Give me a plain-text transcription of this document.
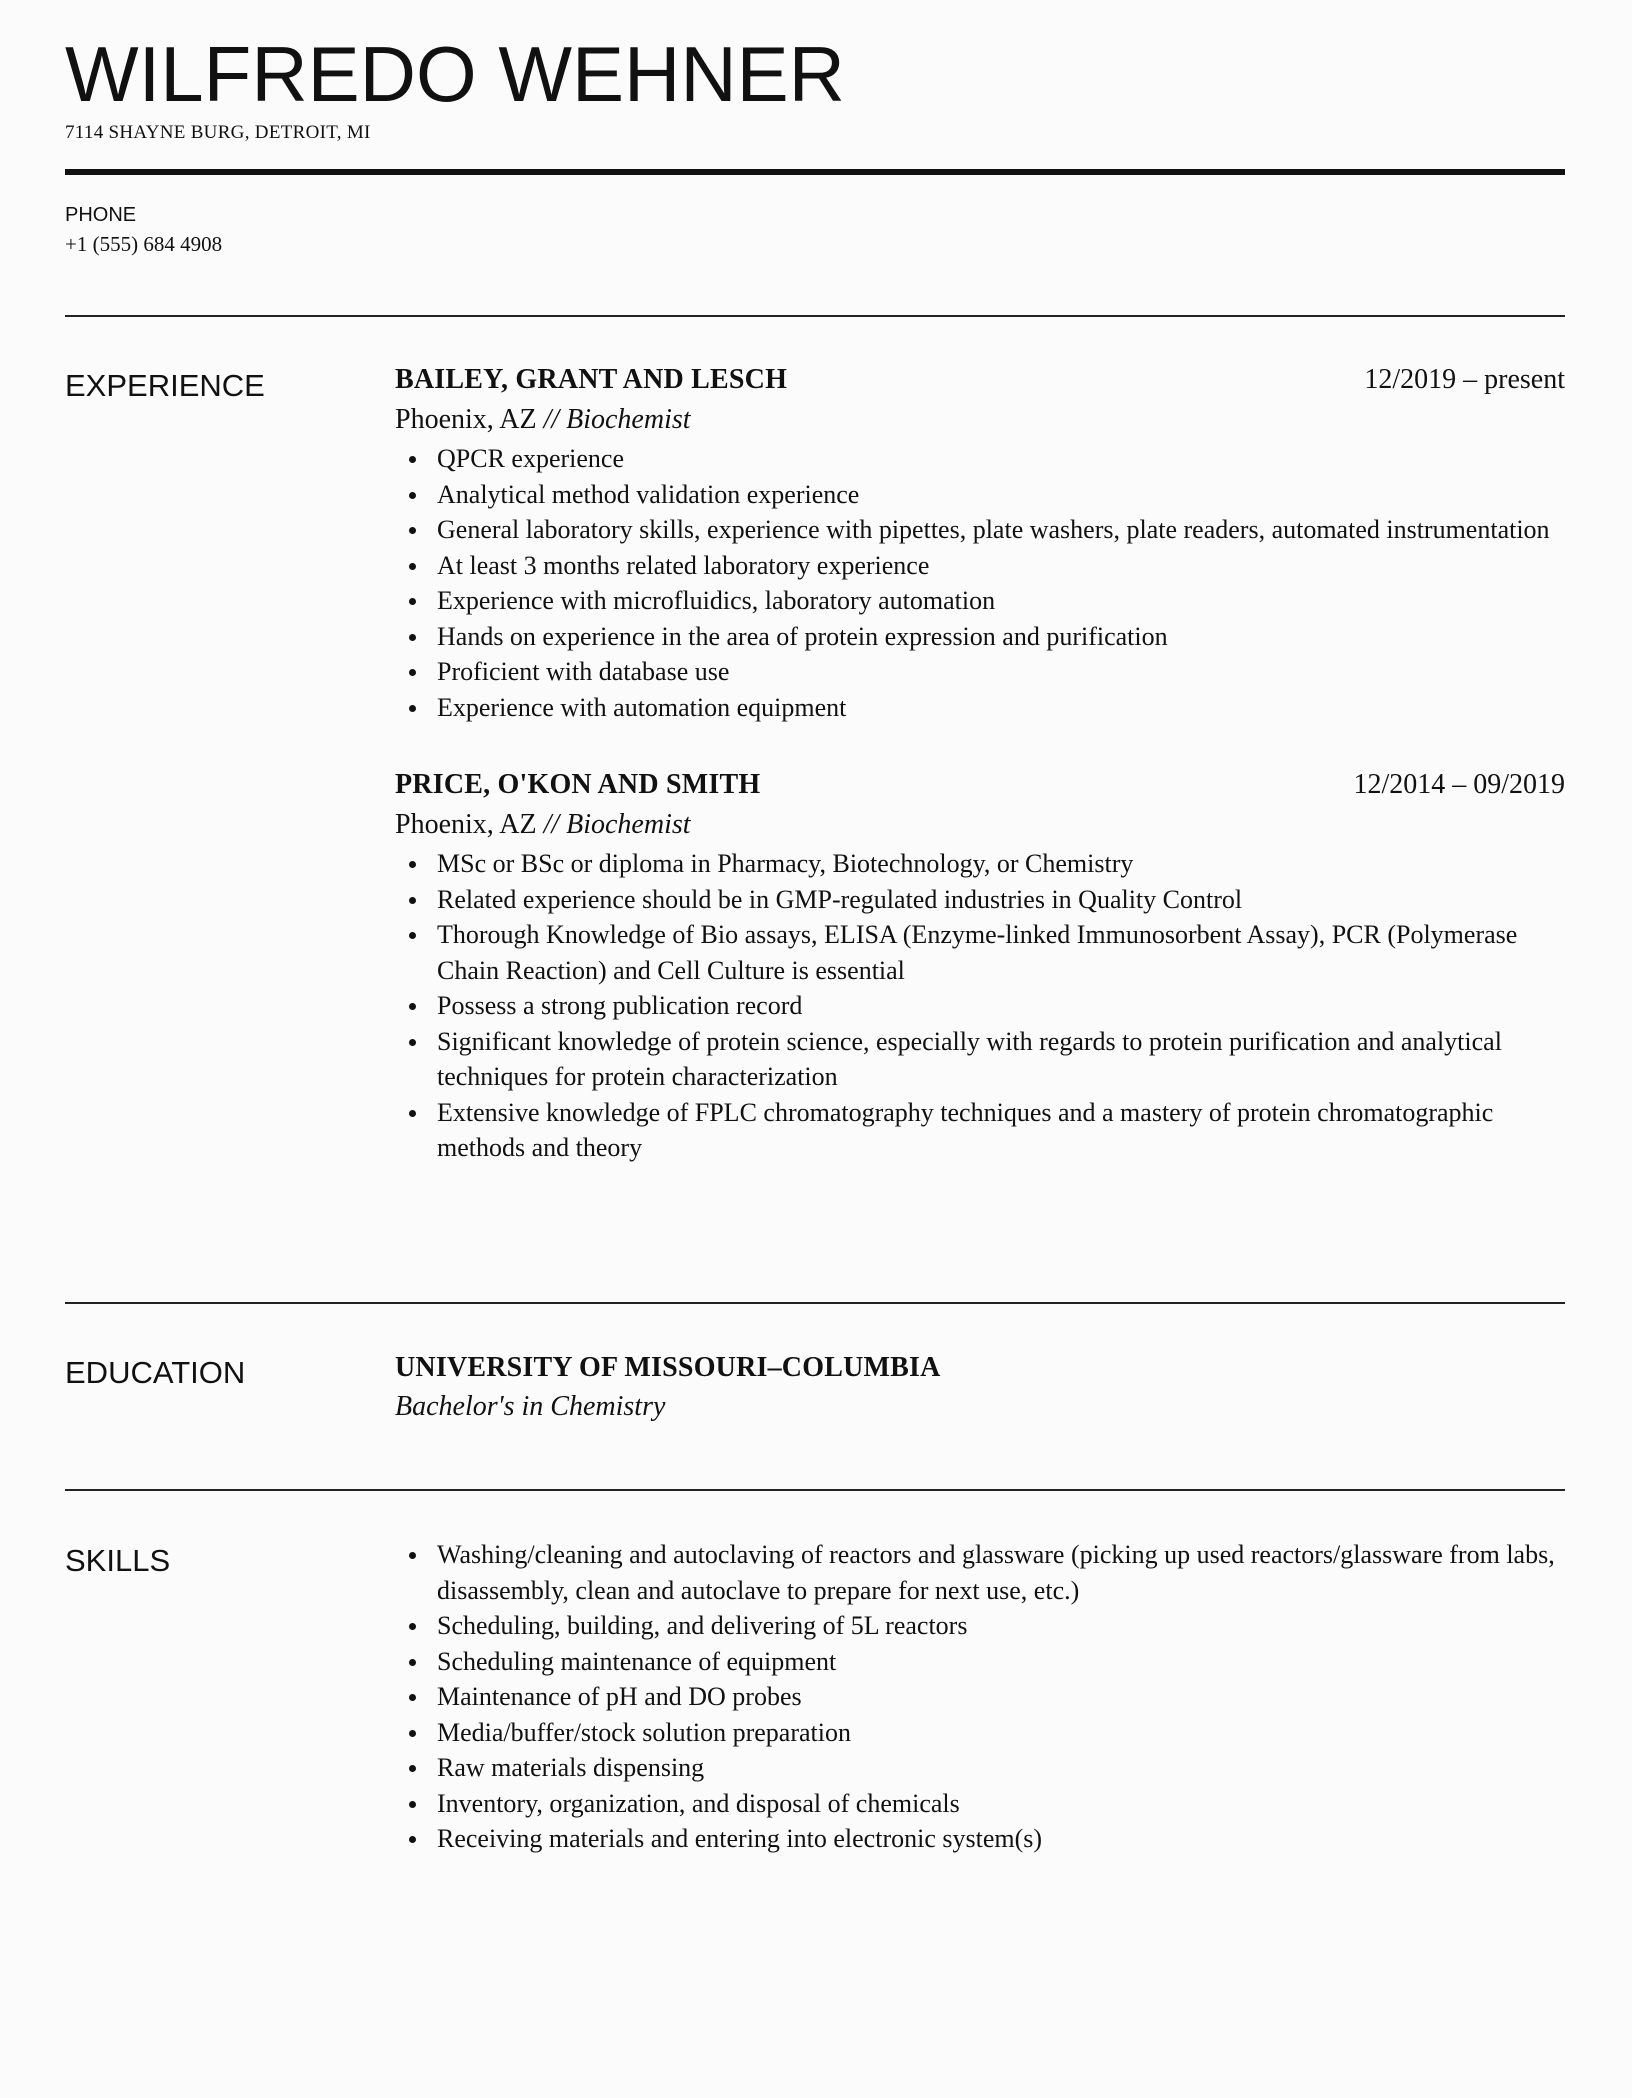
WILFREDO WEHNER
7114 SHAYNE BURG, DETROIT, MI
PHONE
+1 (555) 684 4908
EXPERIENCE	BAILEY, GRANT AND LESCH	12/2019 – present
Phoenix, AZ // Biochemist
QPCR experience
Analytical method validation experience
General laboratory skills, experience with pipettes, plate washers, plate readers, automated instrumentation
At least 3 months related laboratory experience
Experience with microfluidics, laboratory automation
Hands on experience in the area of protein expression and purification
Proficient with database use
Experience with automation equipment
PRICE, O'KON AND SMITH	12/2014 – 09/2019
Phoenix, AZ // Biochemist
MSc or BSc or diploma in Pharmacy, Biotechnology, or Chemistry
Related experience should be in GMP-regulated industries in Quality Control
Thorough Knowledge of Bio assays, ELISA (Enzyme-linked Immunosorbent Assay), PCR (Polymerase Chain Reaction) and Cell Culture is essential
Possess a strong publication record
Significant knowledge of protein science, especially with regards to protein purification and analytical techniques for protein characterization
Extensive knowledge of FPLC chromatography techniques and a mastery of protein chromatographic methods and theory
EDUCATION	UNIVERSITY OF MISSOURI–COLUMBIA
Bachelor's in Chemistry
SKILLS	Washing/cleaning and autoclaving of reactors and glassware (picking up used reactors/glassware from labs, disassembly, clean and autoclave to prepare for next use, etc.)
Scheduling, building, and delivering of 5L reactors
Scheduling maintenance of equipment
Maintenance of pH and DO probes
Media/buffer/stock solution preparation
Raw materials dispensing
Inventory, organization, and disposal of chemicals
Receiving materials and entering into electronic system(s)
